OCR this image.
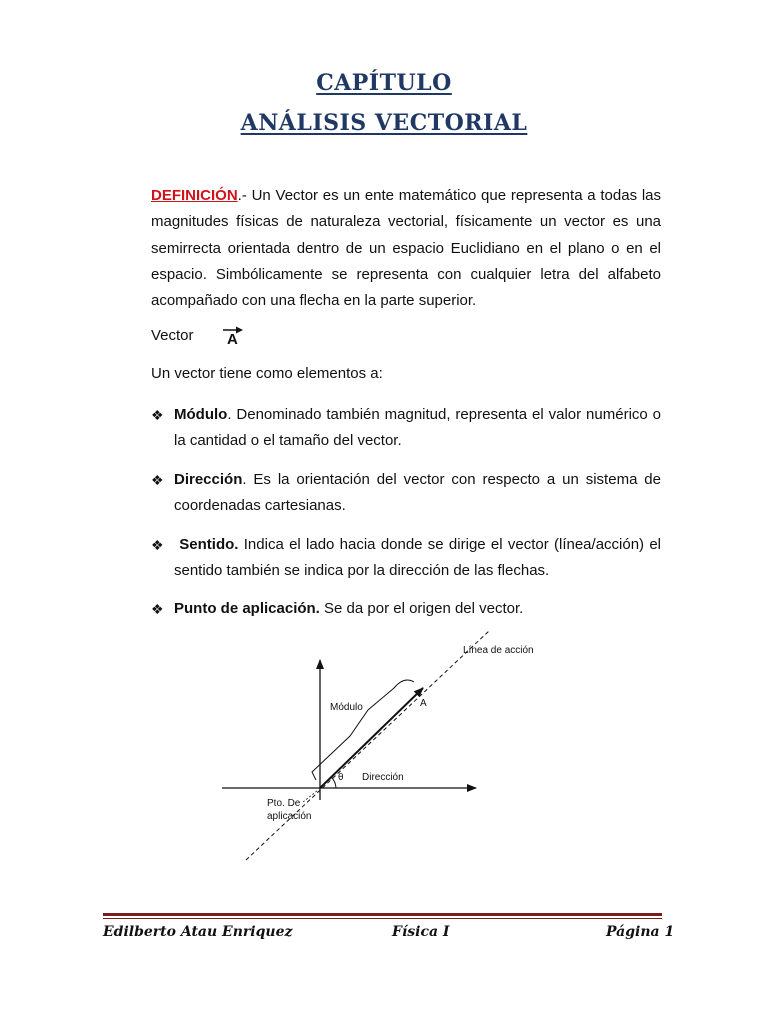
CAPÍTULO
ANÁLISIS VECTORIAL
DEFINICIÓN.- Un Vector es un ente matemático que representa a todas las magnitudes físicas de naturaleza vectorial, físicamente un vector es una semirrecta orientada dentro de un espacio Euclidiano en el plano o en el espacio. Simbólicamente se representa con cualquier letra del alfabeto acompañado con una flecha en la parte superior.
Vector A
Un vector tiene como elementos a:
❖ Módulo. Denominado también magnitud, representa el valor numérico o la cantidad o el tamaño del vector.
❖ Dirección. Es la orientación del vector con respecto a un sistema de coordenadas cartesianas.
❖	Sentido. Indica el lado hacia donde se dirige el vector (línea/acción) el sentido también se indica por la dirección de las flechas.
❖ Punto de aplicación. Se da por el origen del vector.
Línea de acción
Módulo	A
θ Dirección
Pto. De
aplicación
Edilberto Atau Enriquez	Física I	Página 1
